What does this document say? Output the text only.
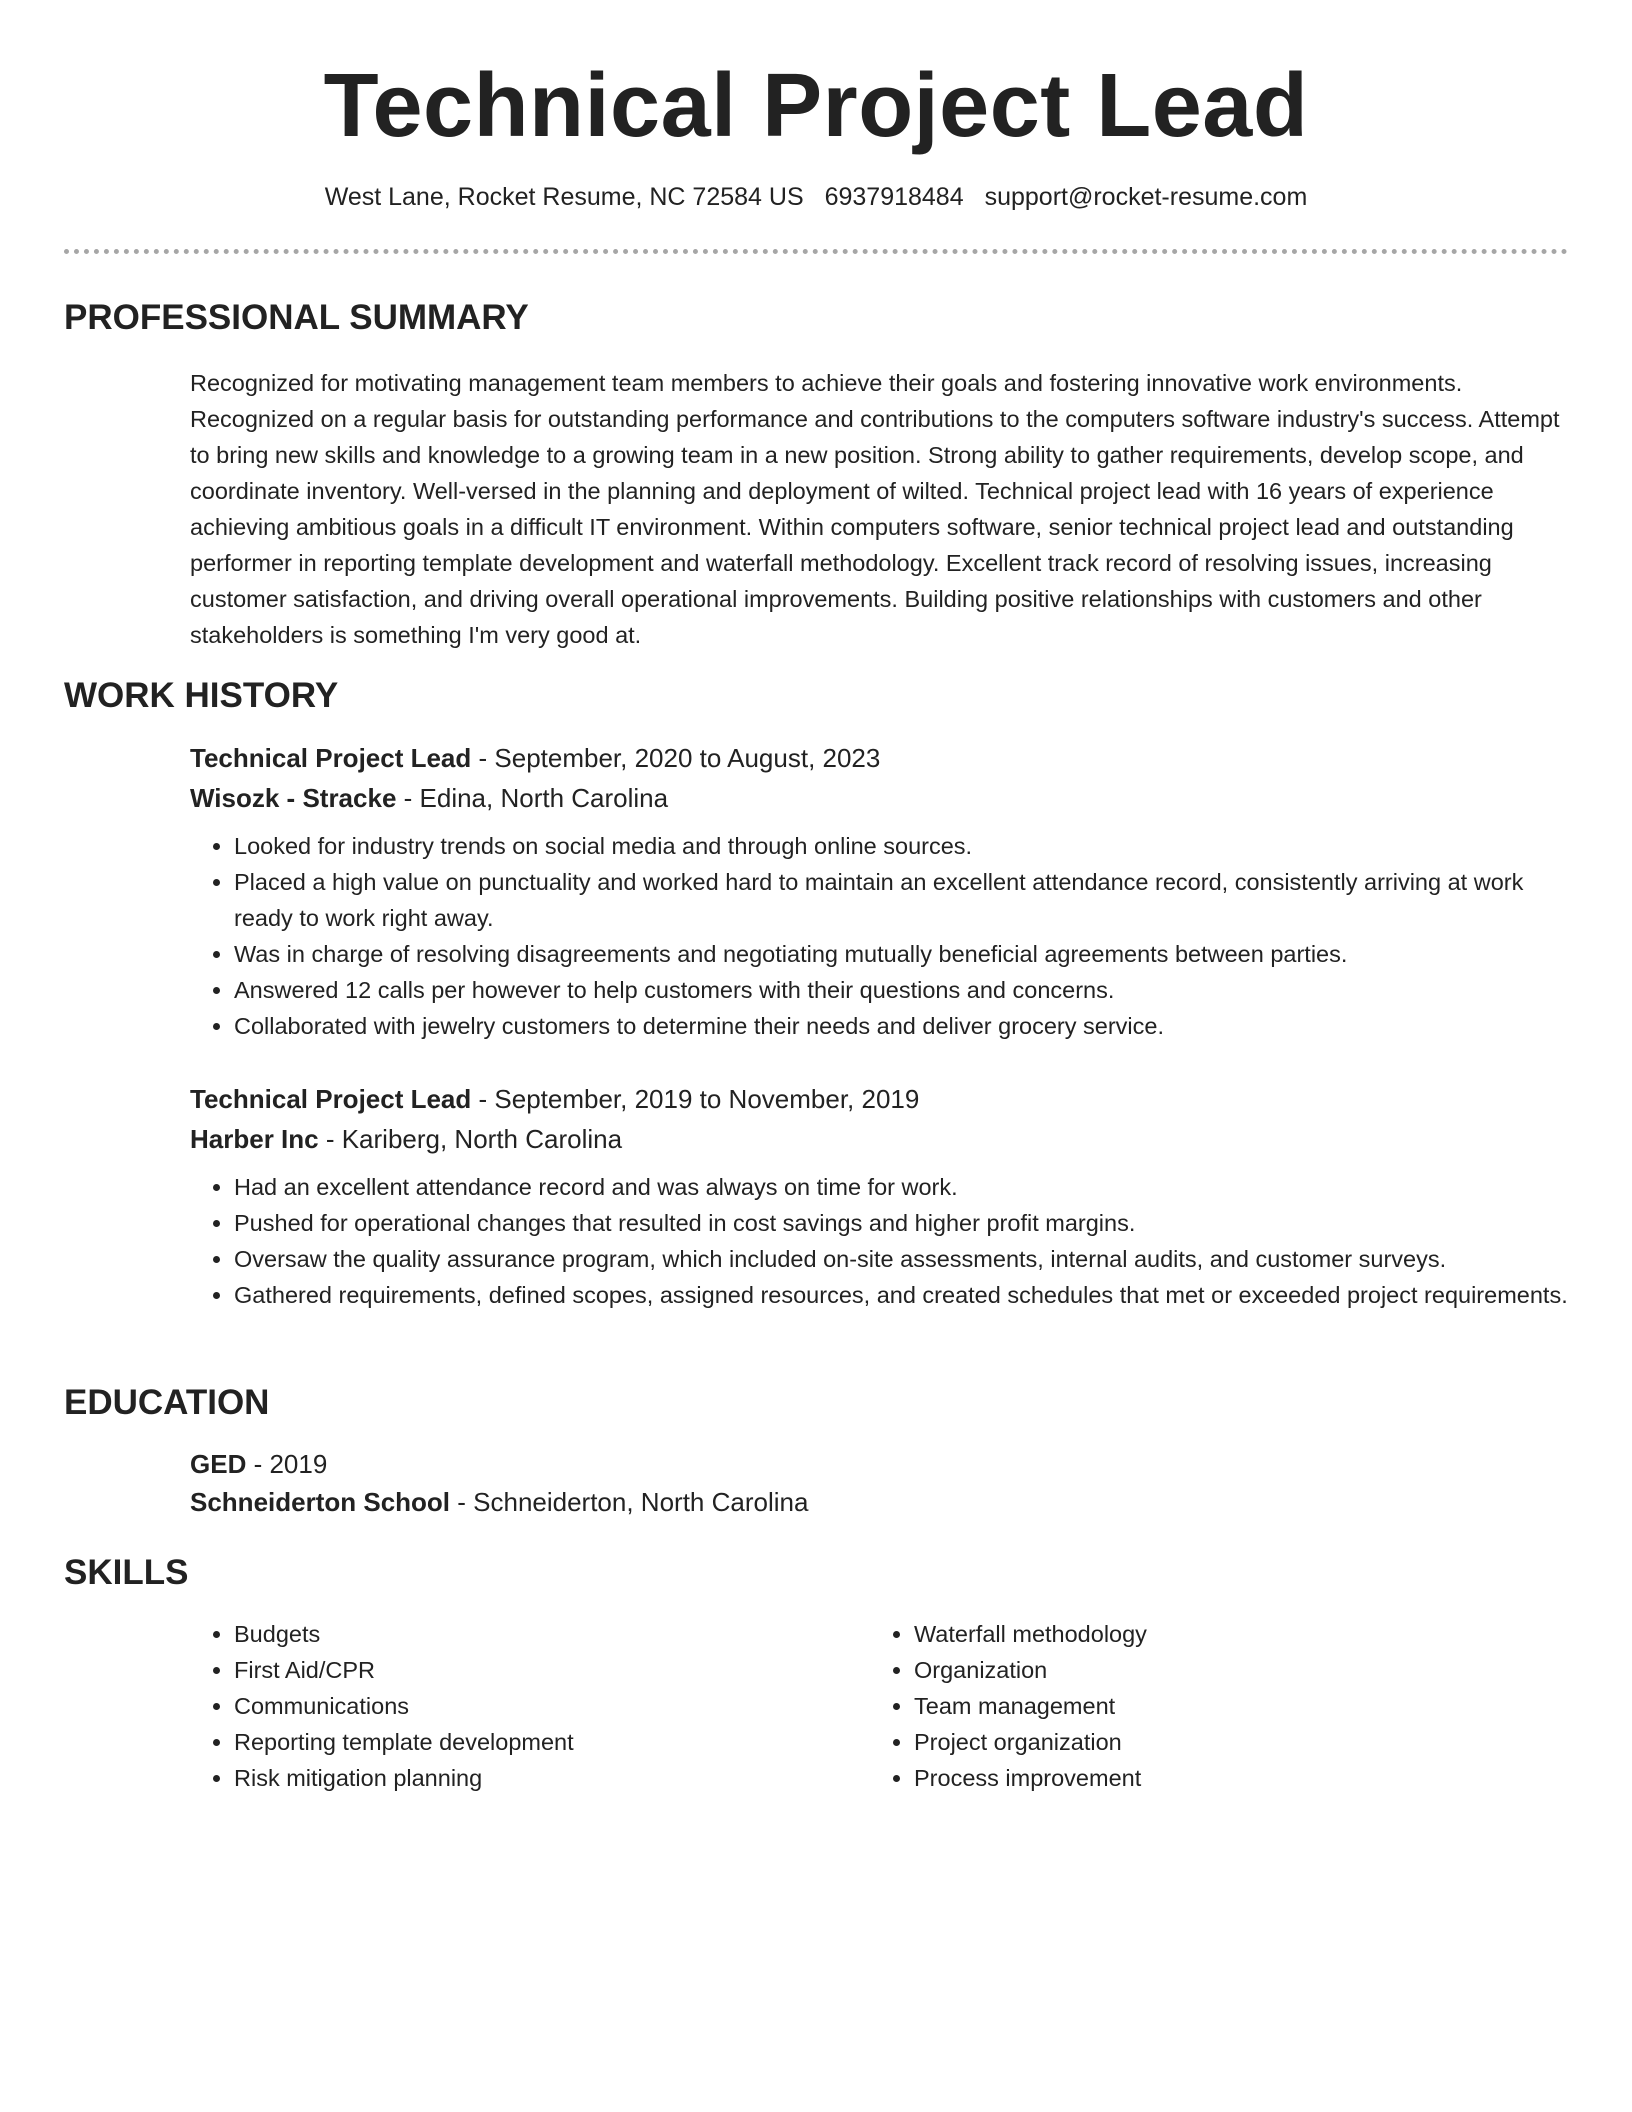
Technical Project Lead
West Lane, Rocket Resume, NC 72584 US 6937918484 support@rocket-resume.com
PROFESSIONAL SUMMARY

Recognized for motivating management team members to achieve their goals and fostering innovative work environments. Recognized on a regular basis for outstanding performance and contributions to the computers software industry's success. Attempt to bring new skills and knowledge to a growing team in a new position. Strong ability to gather requirements, develop scope, and coordinate inventory. Well-versed in the planning and deployment of wilted. Technical project lead with 16 years of experience achieving ambitious goals in a difficult IT environment. Within computers software, senior technical project lead and outstanding performer in reporting template development and waterfall methodology. Excellent track record of resolving issues, increasing customer satisfaction, and driving overall operational improvements. Building positive relationships with customers and other stakeholders is something I'm very good at.

WORK HISTORY

Technical Project Lead - September, 2020 to August, 2023

Wisozk - Stracke - Edina, North Carolina

• Looked for industry trends on social media and through online sources.
• Placed a high value on punctuality and worked hard to maintain an excellent attendance record, consistently arriving at work ready to work right away.
• Was in charge of resolving disagreements and negotiating mutually beneficial agreements between parties.
• Answered 12 calls per however to help customers with their questions and concerns.
• Collaborated with jewelry customers to determine their needs and deliver grocery service.

Technical Project Lead - September, 2019 to November, 2019

Harber Inc - Kariberg, North Carolina

• Had an excellent attendance record and was always on time for work.
• Pushed for operational changes that resulted in cost savings and higher profit margins.
• Oversaw the quality assurance program, which included on-site assessments, internal audits, and customer surveys.
• Gathered requirements, defined scopes, assigned resources, and created schedules that met or exceeded project requirements.
EDUCATION

GED - 2019

Schneiderton School - Schneiderton, North Carolina

SKILLS
• Budgets
• First Aid/CPR
• Communications
• Reporting template development
• Risk mitigation planning
• Waterfall methodology
• Organization
• Team management
• Project organization
• Process improvement
